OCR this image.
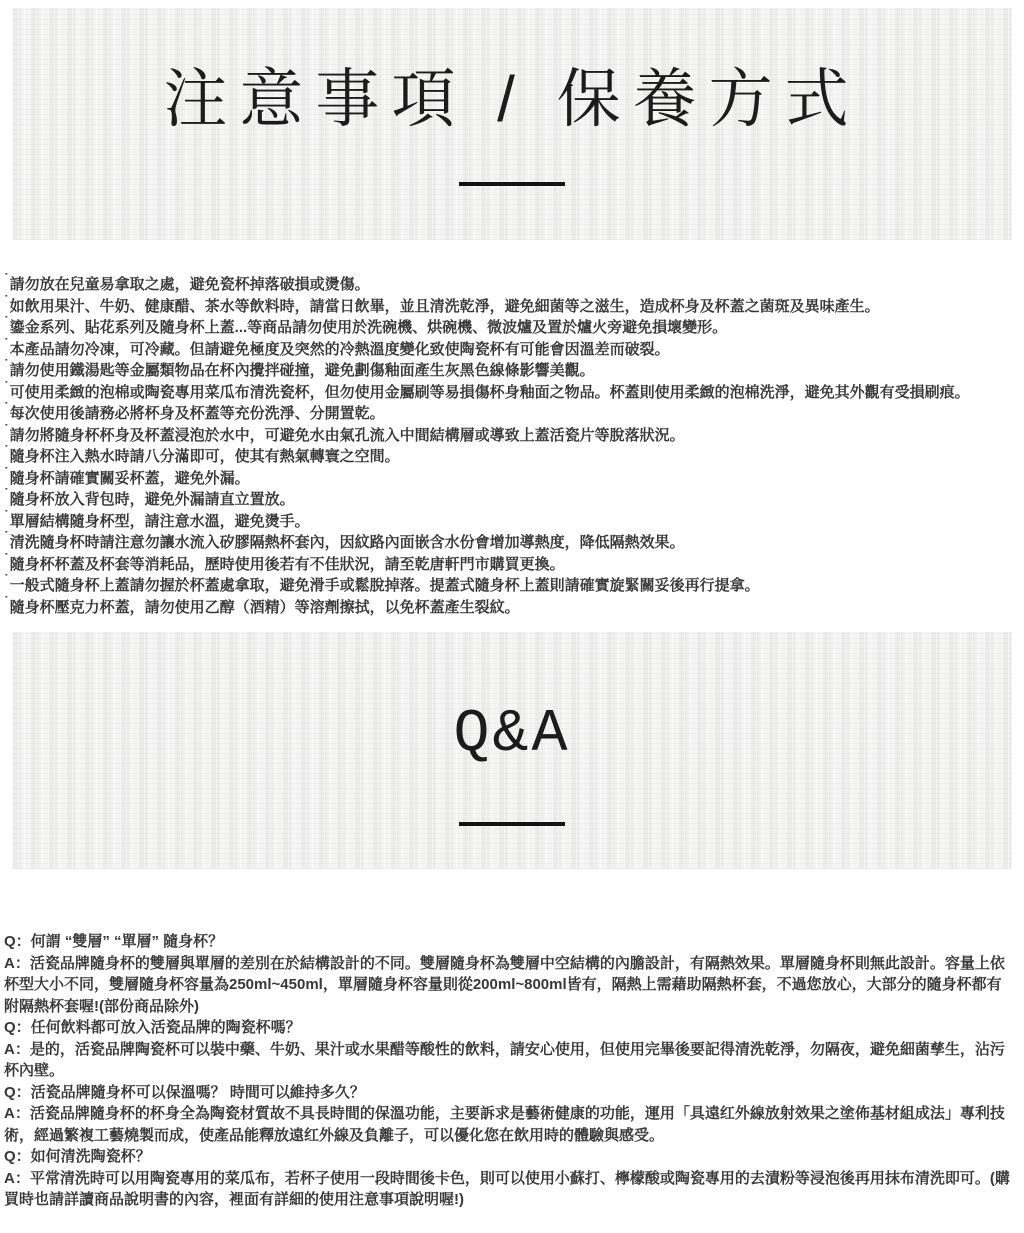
注意事項 / 保養方式
˙請勿放在兒童易拿取之處，避免瓷杯掉落破損或燙傷。
˙如飲用果汁、牛奶、健康醋、茶水等飲料時，請當日飲畢，並且清洗乾淨，避免細菌等之滋生，造成杯身及杯蓋之菌斑及異味產生。
˙鎏金系列、貼花系列及隨身杯上蓋...等商品請勿使用於洗碗機、烘碗機、微波爐及置於爐火旁避免損壞變形。
˙本產品請勿冷凍，可冷藏。但請避免極度及突然的冷熱溫度變化致使陶瓷杯有可能會因溫差而破裂。
˙請勿使用鐵湯匙等金屬類物品在杯內攪拌碰撞，避免劃傷釉面產生灰黑色線條影響美觀。
˙可使用柔緻的泡棉或陶瓷專用菜瓜布清洗瓷杯，但勿使用金屬刷等易損傷杯身釉面之物品。杯蓋則使用柔緻的泡棉洗淨，避免其外觀有受損刷痕。
˙每次使用後請務必將杯身及杯蓋等充份洗淨、分開置乾。
˙請勿將隨身杯杯身及杯蓋浸泡於水中，可避免水由氣孔流入中間結構層或導致上蓋活瓷片等脫落狀況。
˙隨身杯注入熱水時請八分滿即可，使其有熱氣轉寰之空間。
˙隨身杯請確實關妥杯蓋，避免外漏。
˙隨身杯放入背包時，避免外漏請直立置放。
˙單層結構隨身杯型，請注意水溫，避免燙手。
˙清洗隨身杯時請注意勿讓水流入矽膠隔熱杯套內，因紋路內面嵌含水份會增加導熱度，降低隔熱效果。
˙隨身杯杯蓋及杯套等消耗品，歷時使用後若有不佳狀況，請至乾唐軒門市購買更換。
˙一般式隨身杯上蓋請勿握於杯蓋處拿取，避免滑手或鬆脫掉落。提蓋式隨身杯上蓋則請確實旋緊關妥後再行提拿。
˙隨身杯壓克力杯蓋，請勿使用乙醇（酒精）等溶劑擦拭，以免杯蓋產生裂紋。
Q&A

Q：何謂 “雙層” “單層” 隨身杯？

A：活瓷品牌隨身杯的雙層與單層的差別在於結構設計的不同。雙層隨身杯為雙層中空結構的內膽設計，有隔熱效果。單層隨身杯則無此設計。容量上依杯型大小不同，雙層隨身杯容量為250ml~450ml，單層隨身杯容量則從200ml~800ml皆有，隔熱上需藉助隔熱杯套，不過您放心，大部分的隨身杯都有附隔熱杯套喔!(部份商品除外)

Q：任何飲料都可放入活瓷品牌的陶瓷杯嗎？

A：是的，活瓷品牌陶瓷杯可以裝中藥、牛奶、果汁或水果醋等酸性的飲料，請安心使用，但使用完畢後要記得清洗乾淨，勿隔夜，避免細菌孳生，沾污杯內壁。

Q：活瓷品牌隨身杯可以保溫嗎？ 時間可以維持多久？

A：活瓷品牌隨身杯的杯身全為陶瓷材質故不具長時間的保溫功能，主要訴求是藝術健康的功能，運用「具遠红外線放射效果之塗佈基材組成法」專利技術，經過繁複工藝燒製而成，使產品能釋放遠红外線及負離子，可以優化您在飲用時的體驗與感受。

Q：如何清洗陶瓷杯？

A：平常清洗時可以用陶瓷專用的菜瓜布，若杯子使用一段時間後卡色，則可以使用小蘇打、檸檬酸或陶瓷專用的去漬粉等浸泡後再用抹布清洗即可。(購買時也請詳讀商品說明書的內容，裡面有詳細的使用注意事項說明喔!)
